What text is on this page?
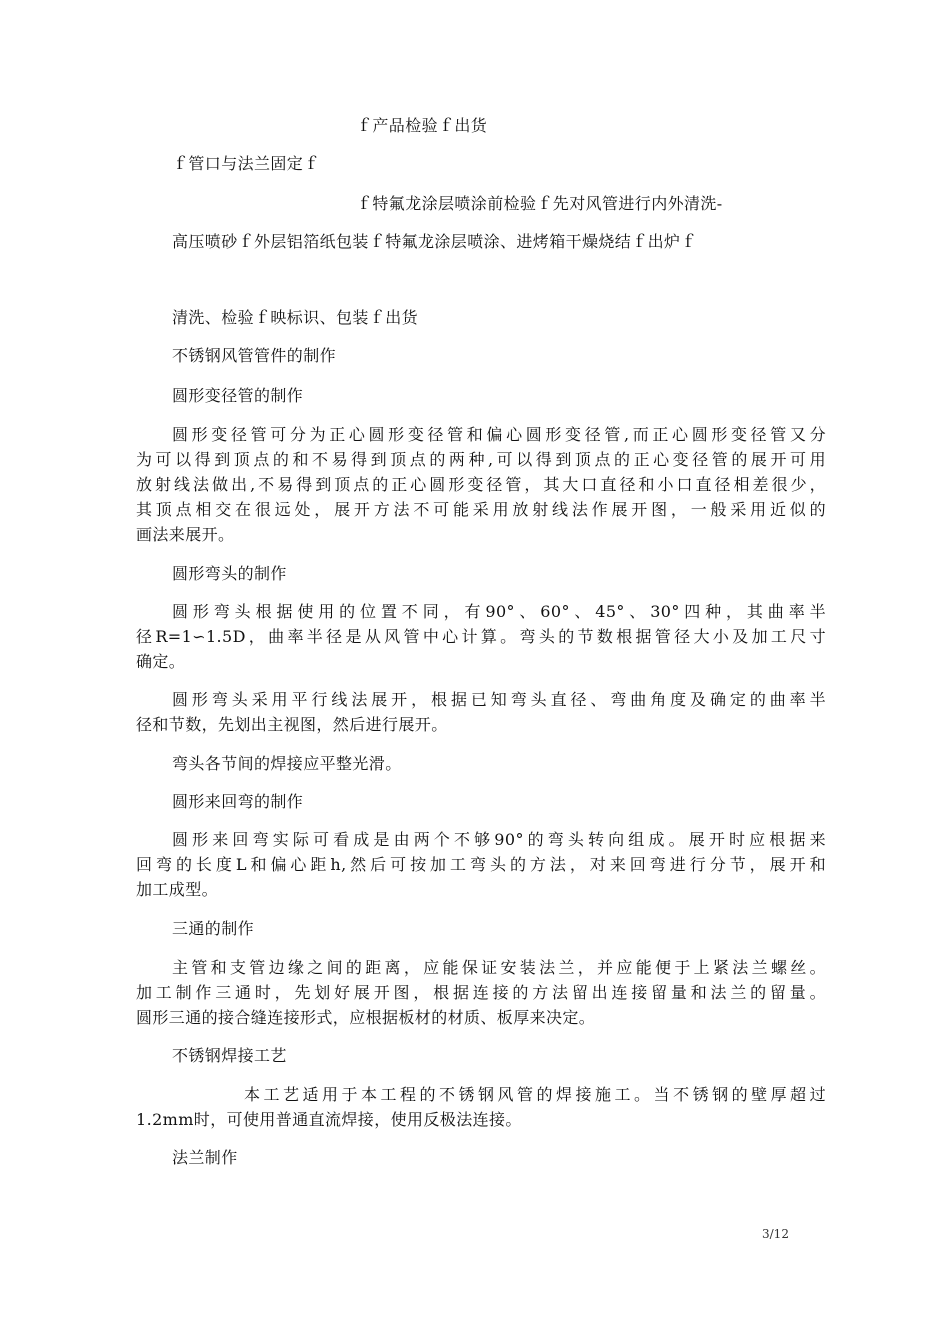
ｆ产品检验ｆ出货

ｆ管口与法兰固定ｆ

ｆ特氟龙涂层喷涂前检验ｆ先对风管进行内外清洗-

高压喷砂ｆ外层铝箔纸包装ｆ特氟龙涂层喷涂、进烤箱干燥烧结ｆ出炉ｆ

清洗、检验ｆ映标识、包装ｆ出货

不锈钢风管管件的制作

圆形变径管的制作

圆形变径管可分为正心圆形变径管和偏心圆形变径管,而正心圆形变径管又分

为可以得到顶点的和不易得到顶点的两种,可以得到顶点的正心变径管的展开可用

放射线法做出,不易得到顶点的正心圆形变径管，其大口直径和小口直径相差很少，

其顶点相交在很远处，展开方法不可能采用放射线法作展开图，一般采用近似的

画法来展开。

圆形弯头的制作

圆形弯头根据使用的位置不同，有90°、60°、45°、30°四种，其曲率半

径R=1∽1.5D，曲率半径是从风管中心计算。弯头的节数根据管径大小及加工尺寸

确定。

圆形弯头采用平行线法展开，根据已知弯头直径、弯曲角度及确定的曲率半

径和节数，先划出主视图，然后进行展开。

弯头各节间的焊接应平整光滑。

圆形来回弯的制作

圆形来回弯实际可看成是由两个不够90°的弯头转向组成。展开时应根据来

回弯的长度L和偏心距h,然后可按加工弯头的方法，对来回弯进行分节，展开和

加工成型。

三通的制作

主管和支管边缘之间的距离，应能保证安装法兰，并应能便于上紧法兰螺丝。

加工制作三通时，先划好展开图，根据连接的方法留出连接留量和法兰的留量。

圆形三通的接合缝连接形式，应根据板材的材质、板厚来决定。

不锈钢焊接工艺

本工艺适用于本工程的不锈钢风管的焊接施工。当不锈钢的壁厚超过

1.2mm时，可使用普通直流焊接，使用反极法连接。

法兰制作

3/12
